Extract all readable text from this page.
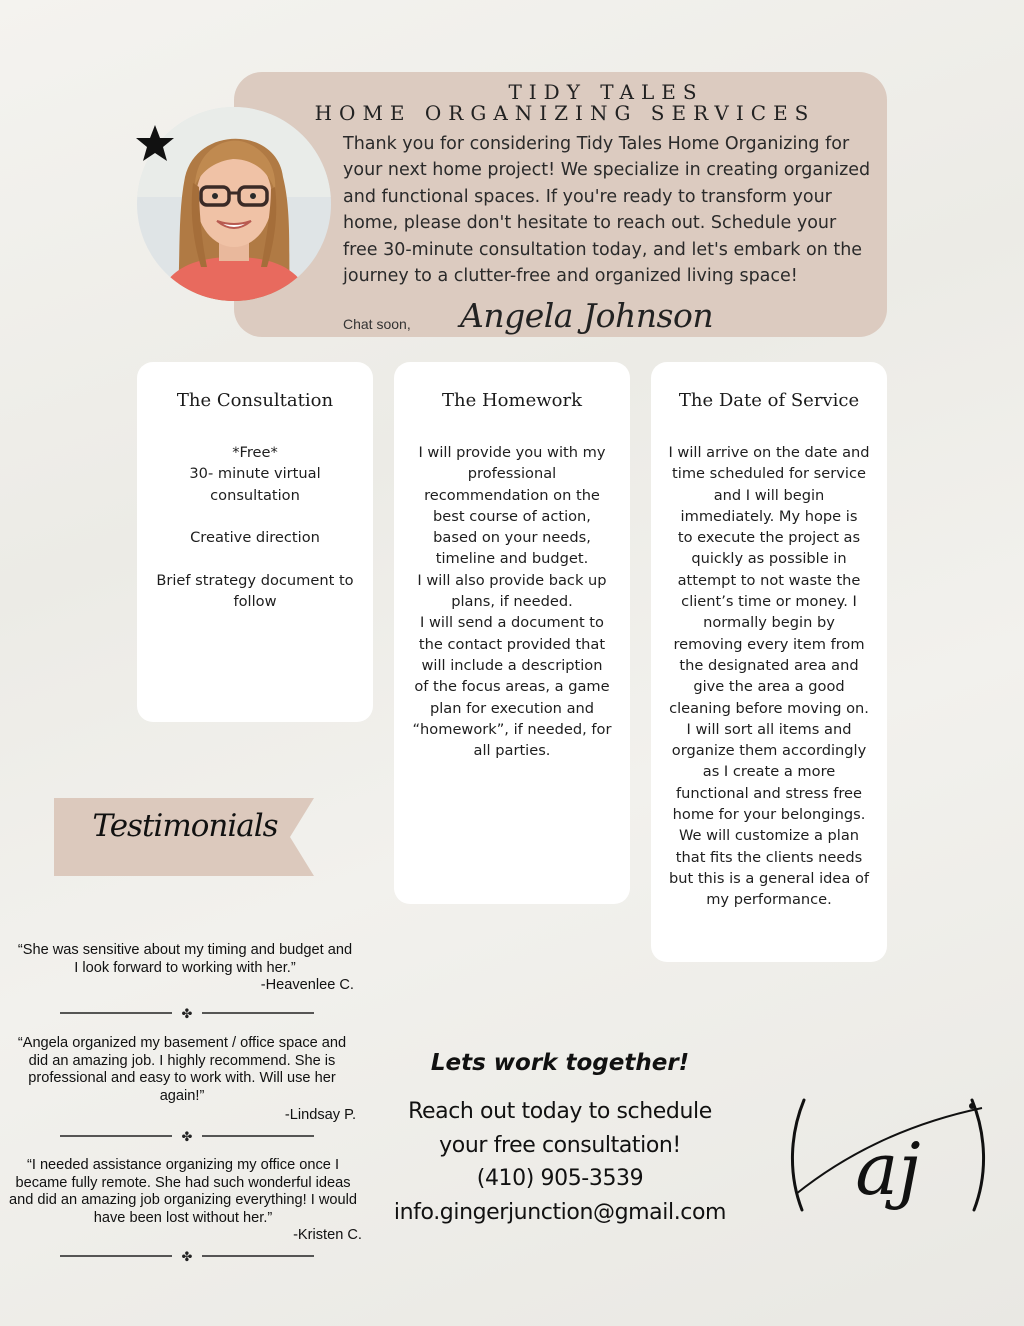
TIDY TALES
HOME ORGANIZING SERVICES
Thank you for considering Tidy Tales Home Organizing for your next home project! We specialize in creating organized and functional spaces. If you're ready to transform your home, please don't hesitate to reach out. Schedule your free 30-minute consultation today, and let's embark on the journey to a clutter-free and organized living space!
Chat soon, Angela Johnson
The Consultation
*Free*
30- minute virtual
consultation

Creative direction

Brief strategy document to
follow
The Homework
I will provide you with my
professional
recommendation on the
best course of action,
based on your needs,
timeline and budget.
I will also provide back up
plans, if needed.
I will send a document to
the contact provided that
will include a description
of the focus areas, a game
plan for execution and
“homework”, if needed, for
all parties.
The Date of Service
I will arrive on the date and
time scheduled for service
and I will begin
immediately. My hope is
to execute the project as
quickly as possible in
attempt to not waste the
client’s time or money. I
normally begin by
removing every item from
the designated area and
give the area a good
cleaning before moving on.
I will sort all items and
organize them accordingly
as I create a more
functional and stress free
home for your belongings.
We will customize a plan
that fits the clients needs
but this is a general idea of
my performance.
Testimonials
“She was sensitive about my timing and budget and I look forward to working with her.”
-Heavenlee C.
✤
“Angela organized my basement / office space and did an amazing job. I highly recommend. She is professional and easy to work with. Will use her again!”
-Lindsay P.
✤
“I needed assistance organizing my office once I became fully remote. She had such wonderful ideas and did an amazing job organizing everything! I would have been lost without her.”
-Kristen C.
✤
Lets work together!
Reach out today to schedule
your free consultation!
(410) 905-3539
info.gingerjunction@gmail.com
aj
